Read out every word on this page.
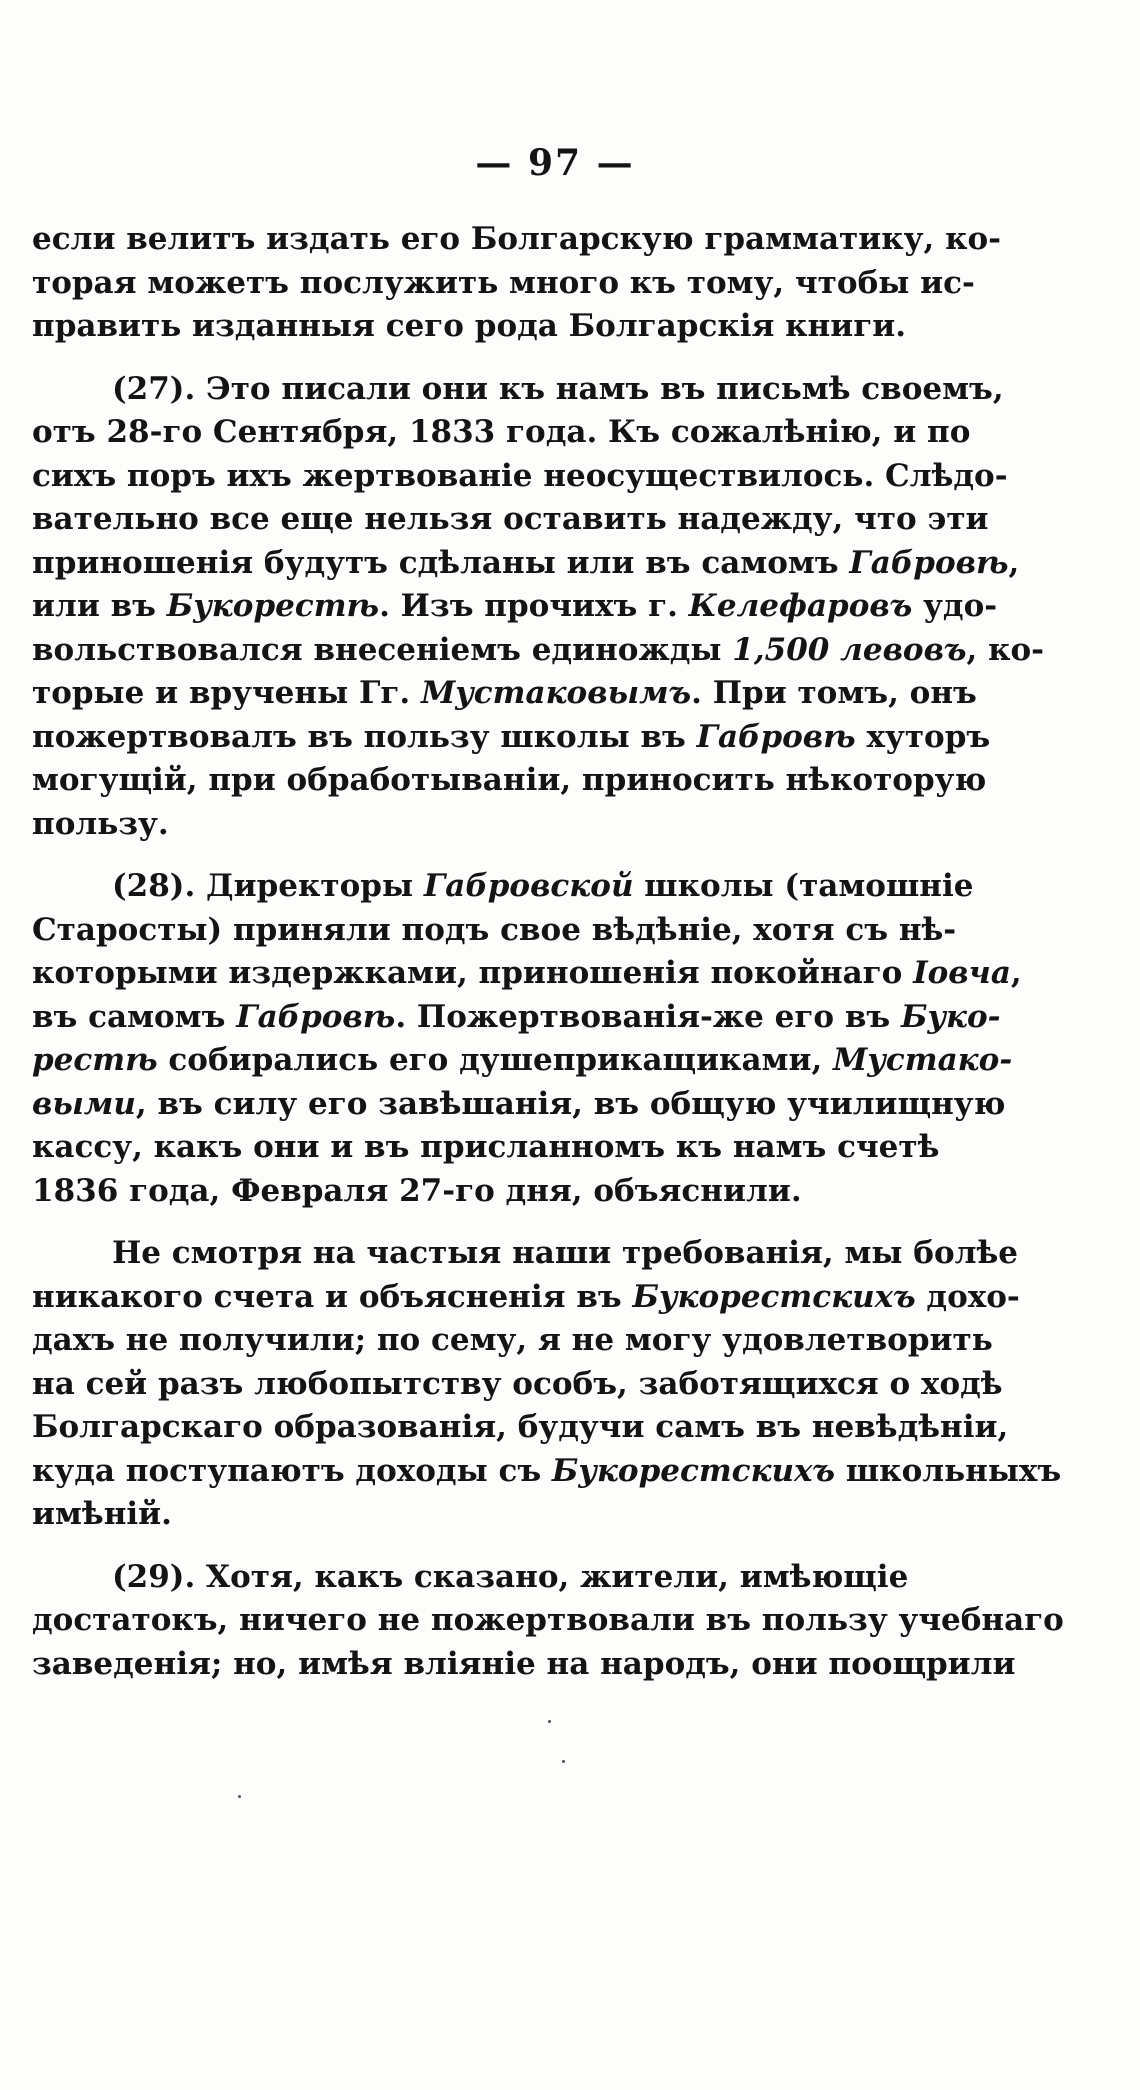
— 97 —
если велитъ издать его Болгарскую грамматику, ко-
торая можетъ послужить много къ тому, чтобы ис-
править изданныя сего рода Болгарскія книги.
(27). Это писали они къ намъ въ письмѣ своемъ,
отъ 28-го Сентября, 1833 года. Къ сожалѣнію, и по
сихъ поръ ихъ жертвованіе неосуществилось. Слѣдо-
вательно все еще нельзя оставить надежду, что эти
приношенія будутъ сдѣланы или въ самомъ Габровѣ,
или въ Букорестѣ. Изъ прочихъ г. Келефаровъ удо-
вольствовался внесеніемъ единожды 1,500 левовъ, ко-
торые и вручены Гг. Мустаковымъ. При томъ, онъ
пожертвовалъ въ пользу школы въ Габровѣ хуторъ
могущій, при обработываніи, приносить нѣкоторую
пользу.
(28). Директоры Габровской школы (тамошніе
Старосты) приняли подъ свое вѣдѣніе, хотя съ нѣ-
которыми издержками, приношенія покойнаго Іовча,
въ самомъ Габровѣ. Пожертвованія-же его въ Буко-
рестѣ собирались его душеприкащиками, Мустако-
выми, въ силу его завѣшанія, въ общую училищную
кассу, какъ они и въ присланномъ къ намъ счетѣ
1836 года, Февраля 27-го дня, объяснили.
Не смотря на частыя наши требованія, мы болѣе
никакого счета и объясненія въ Букорестскихъ дохо-
дахъ не получили; по сему, я не могу удовлетворить
на сей разъ любопытству особъ, заботящихся о ходѣ
Болгарскаго образованія, будучи самъ въ невѣдѣніи,
куда поступаютъ доходы съ Букорестскихъ школьныхъ
имѣній.
(29). Хотя, какъ сказано, жители, имѣющіе
достатокъ, ничего не пожертвовали въ пользу учебнаго
заведенія; но, имѣя вліяніе на народъ, они поощрили
